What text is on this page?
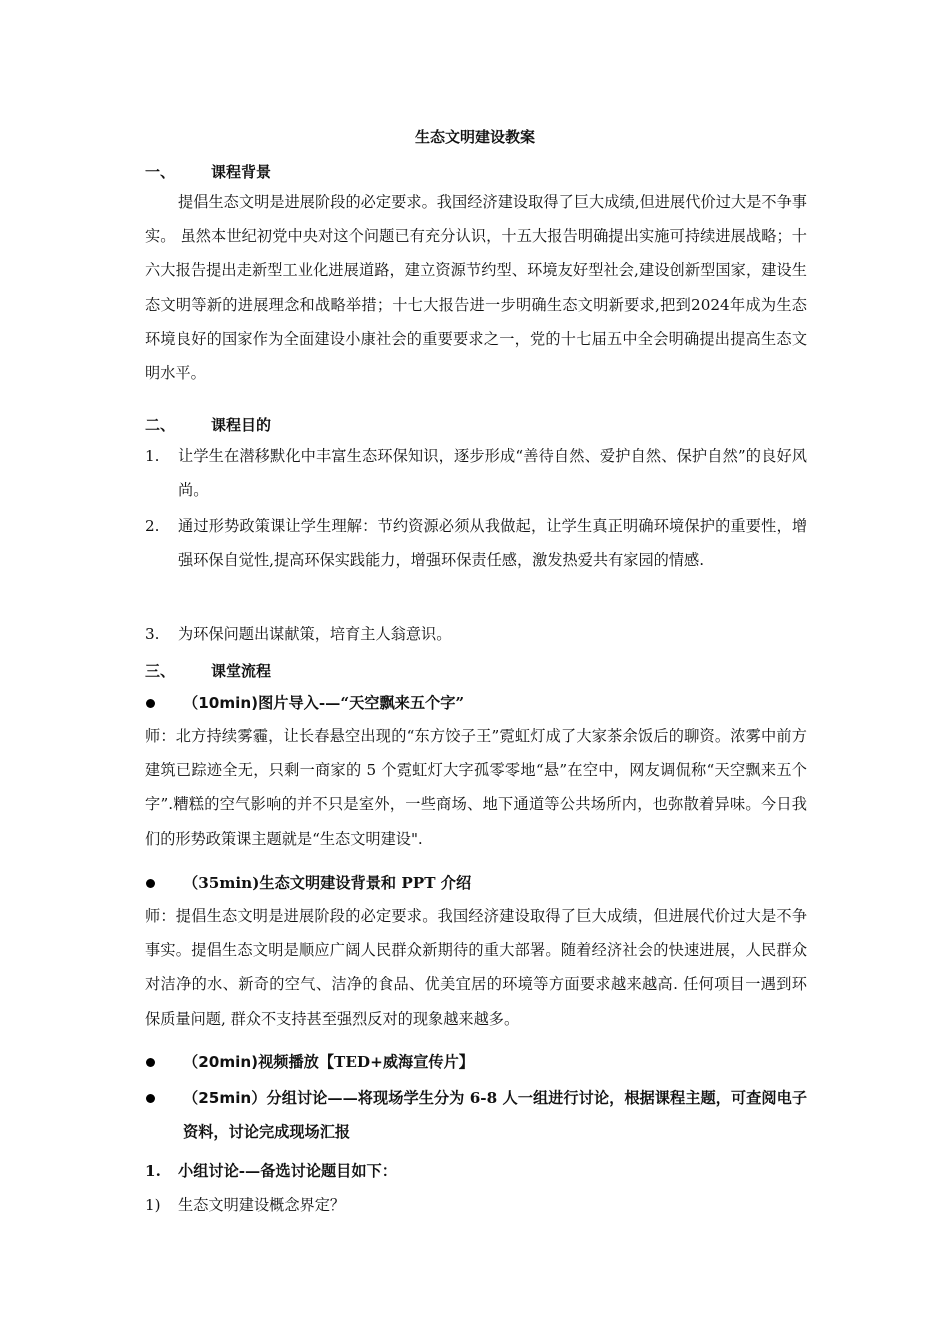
生态文明建设教案
一、 课程背景

提倡生态文明是进展阶段的必定要求。我国经济建设取得了巨大成绩,但进展代价过大是不争事实。 虽然本世纪初党中央对这个问题已有充分认识，十五大报告明确提出实施可持续进展战略；十六大报告提出走新型工业化进展道路，建立资源节约型、环境友好型社会,建设创新型国家，建设生态文明等新的进展理念和战略举措；十七大报告进一步明确生态文明新要求,把到2024年成为生态环境良好的国家作为全面建设小康社会的重要要求之一，党的十七届五中全会明确提出提高生态文明水平。

二、 课程目的
1. 让学生在潜移默化中丰富生态环保知识，逐步形成“善待自然、爱护自然、保护自然”的良好风尚。
2. 通过形势政策课让学生理解：节约资源必须从我做起，让学生真正明确环境保护的重要性，增强环保自觉性,提高环保实践能力，增强环保责任感，激发热爱共有家园的情感.
3. 为环保问题出谋献策，培育主人翁意识。
三、 课堂流程
（10min)图片导入-—“天空飘来五个字”

师：北方持续雾霾，让长春悬空出现的“东方饺子王”霓虹灯成了大家茶余饭后的聊资。浓雾中前方建筑已踪迹全无，只剩一商家的 5 个霓虹灯大字孤零零地“悬”在空中，网友调侃称“天空飘来五个字”.糟糕的空气影响的并不只是室外，一些商场、地下通道等公共场所内，也弥散着异味。今日我们的形势政策课主题就是“生态文明建设".

（35min)生态文明建设背景和 PPT 介绍

师：提倡生态文明是进展阶段的必定要求。我国经济建设取得了巨大成绩，但进展代价过大是不争事实。提倡生态文明是顺应广阔人民群众新期待的重大部署。随着经济社会的快速进展，人民群众对洁净的水、新奇的空气、洁净的食品、优美宜居的环境等方面要求越来越高. 任何项目一遇到环保质量问题, 群众不支持甚至强烈反对的现象越来越多。

（20min)视频播放【TED+威海宣传片】
（25min）分组讨论——将现场学生分为 6-8 人一组进行讨论，根据课程主题，可查阅电子资料，讨论完成现场汇报
1. 小组讨论-—备选讨论题目如下：
1) 生态文明建设概念界定？
